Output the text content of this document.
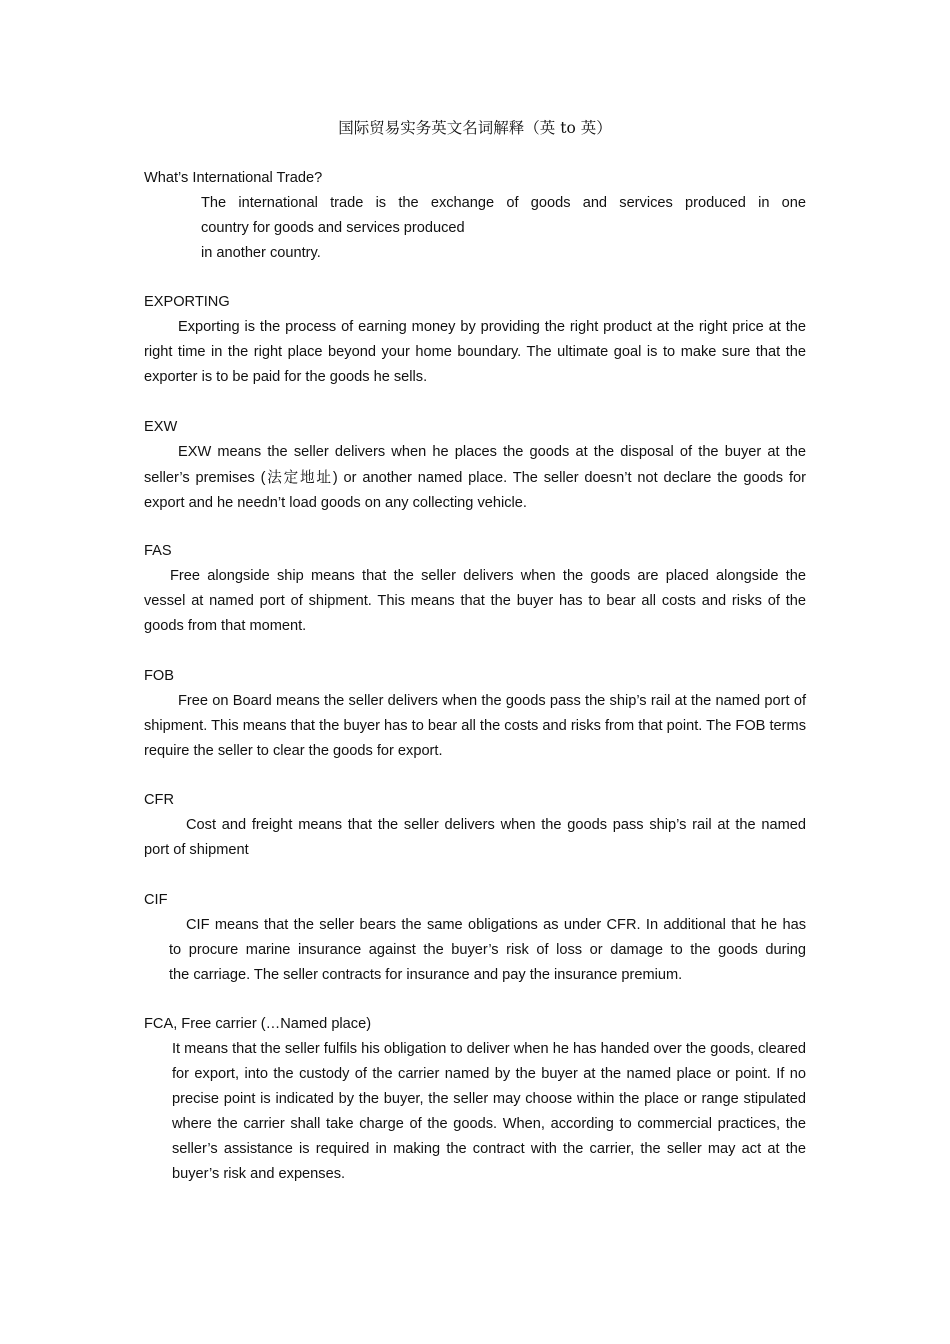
国际贸易实务英文名词解释（英 to 英）
What’s International Trade?
The international trade is the exchange of goods and services produced in one
country for goods and services produced
in another country.
EXPORTING
Exporting is the process of earning money by providing the right product at the right price at the right time in the right place beyond your home boundary. The ultimate goal is to make sure that the exporter is to be paid for the goods he sells.
EXW
EXW means the seller delivers when he places the goods at the disposal of the buyer at the seller’s premises (法定地址) or another named place. The seller doesn’t not declare the goods for export and he needn’t load goods on any collecting vehicle.
FAS
Free alongside ship means that the seller delivers when the goods are placed alongside the vessel at named port of shipment. This means that the buyer has to bear all costs and risks of the goods from that moment.
FOB
Free on Board means the seller delivers when the goods pass the ship’s rail at the named port of shipment. This means that the buyer has to bear all the costs and risks from that point. The FOB terms require the seller to clear the goods for export.
CFR
Cost and freight means that the seller delivers when the goods pass ship’s rail at the named port of shipment
CIF
CIF means that the seller bears the same obligations as under CFR. In additional that he has
to procure marine insurance against the buyer’s risk of loss or damage to the goods during
the carriage. The seller contracts for insurance and pay the insurance premium.
FCA, Free carrier (…Named place)
It means that the seller fulfils his obligation to deliver when he has handed over the goods, cleared for export, into the custody of the carrier named by the buyer at the named place or point. If no precise point is indicated by the buyer, the seller may choose within the place or range stipulated where the carrier shall take charge of the goods. When, according to commercial practices, the seller’s assistance is required in making the contract with the carrier, the seller may act at the buyer’s risk and expenses.
